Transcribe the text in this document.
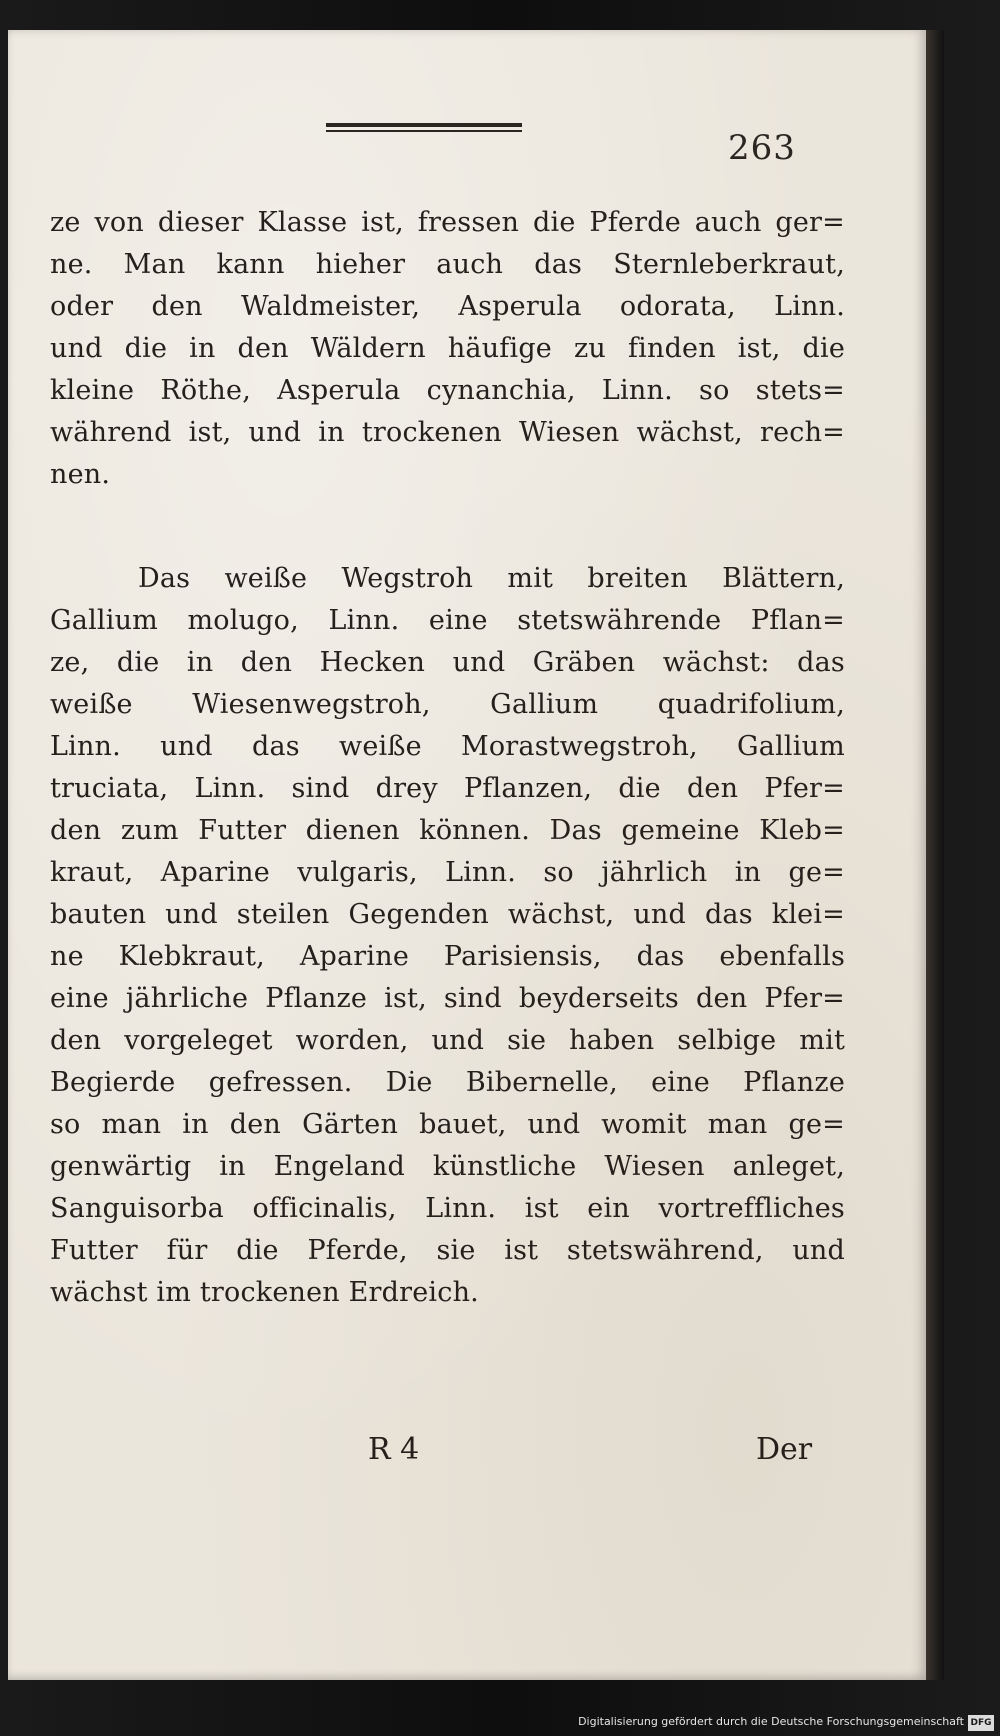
263
ze von dieser Klasse ist, fressen die Pferde auch ger=
ne. Man kann hieher auch das Sternleberkraut,
oder den Waldmeister, Asperula odorata, Linn.
und die in den Wäldern häufige zu finden ist, die
kleine Röthe, Asperula cynanchia, Linn. so stets=
während ist, und in trockenen Wiesen wächst, rech=
nen.
Das weiße Wegstroh mit breiten Blättern,
Gallium molugo, Linn. eine stetswährende Pflan=
ze, die in den Hecken und Gräben wächst: das
weiße Wiesenwegstroh, Gallium quadrifolium,
Linn. und das weiße Morastwegstroh, Gallium
truciata, Linn. sind drey Pflanzen, die den Pfer=
den zum Futter dienen können. Das gemeine Kleb=
kraut, Aparine vulgaris, Linn. so jährlich in ge=
bauten und steilen Gegenden wächst, und das klei=
ne Klebkraut, Aparine Parisiensis, das ebenfalls
eine jährliche Pflanze ist, sind beyderseits den Pfer=
den vorgeleget worden, und sie haben selbige mit
Begierde gefressen. Die Bibernelle, eine Pflanze
so man in den Gärten bauet, und womit man ge=
genwärtig in Engeland künstliche Wiesen anleget,
Sanguisorba officinalis, Linn. ist ein vortreffliches
Futter für die Pferde, sie ist stetswährend, und
wächst im trockenen Erdreich.
R 4	Der
Digitalisierung gefördert durch die Deutsche Forschungsgemeinschaft DFG
